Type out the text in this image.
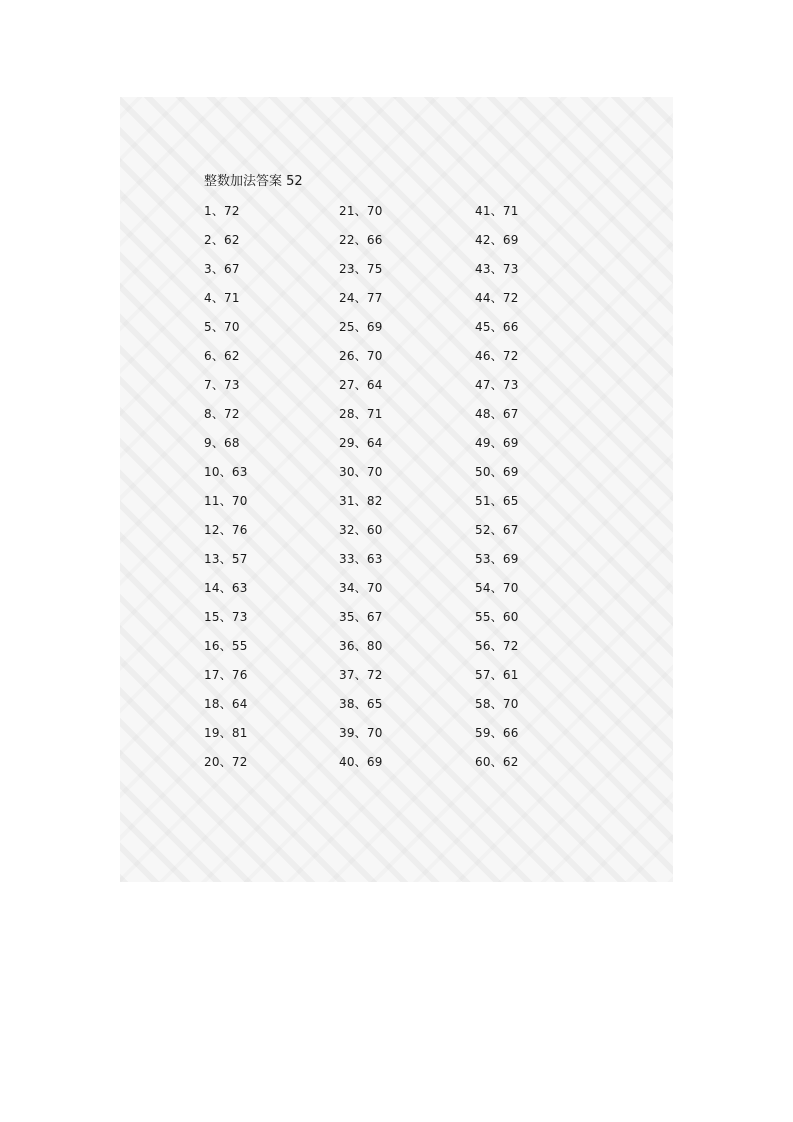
整数加法答案 52
1、72
2、62
3、67
4、71
5、70
6、62
7、73
8、72
9、68
10、63
11、70
12、76
13、57
14、63
15、73
16、55
17、76
18、64
19、81
20、72
21、70
22、66
23、75
24、77
25、69
26、70
27、64
28、71
29、64
30、70
31、82
32、60
33、63
34、70
35、67
36、80
37、72
38、65
39、70
40、69
41、71
42、69
43、73
44、72
45、66
46、72
47、73
48、67
49、69
50、69
51、65
52、67
53、69
54、70
55、60
56、72
57、61
58、70
59、66
60、62
